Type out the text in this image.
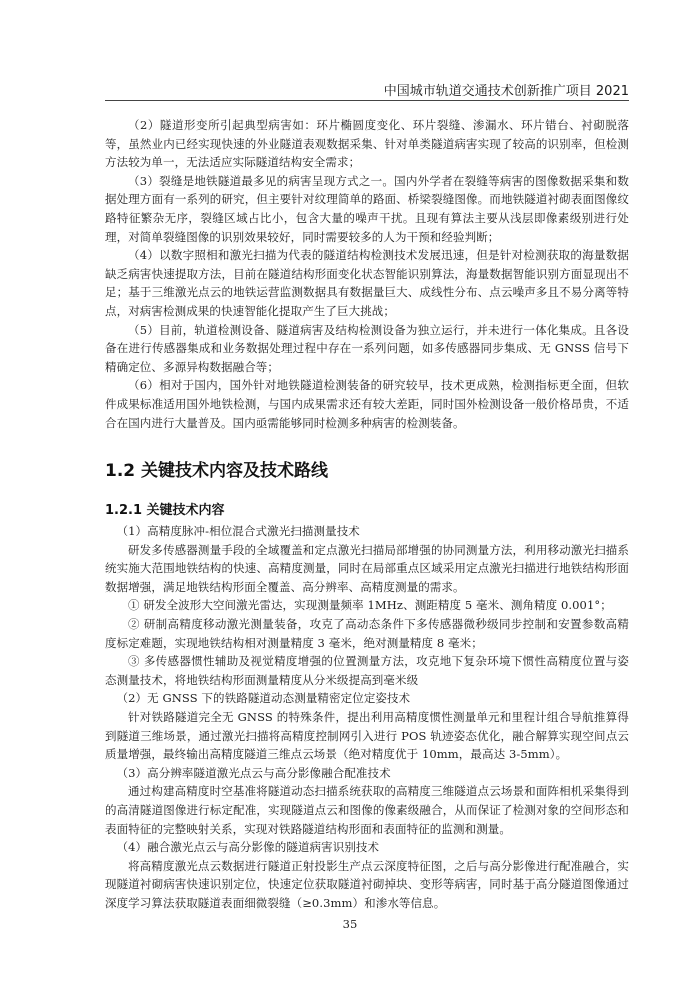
中国城市轨道交通技术创新推广项目 2021

（2）隧道形变所引起典型病害如：环片椭圆度变化、环片裂缝、渗漏水、环片错台、衬砌脱落等，虽然业内已经实现快速的外业隧道表观数据采集、针对单类隧道病害实现了较高的识别率，但检测方法较为单一，无法适应实际隧道结构安全需求；

（3）裂缝是地铁隧道最多见的病害呈现方式之一。国内外学者在裂缝等病害的图像数据采集和数据处理方面有一系列的研究，但主要针对纹理简单的路面、桥梁裂缝图像。而地铁隧道衬砌表面图像纹路特征繁杂无序，裂缝区域占比小，包含大量的噪声干扰。且现有算法主要从浅层即像素级别进行处理，对简单裂缝图像的识别效果较好，同时需要较多的人为干预和经验判断；

（4）以数字照相和激光扫描为代表的隧道结构检测技术发展迅速，但是针对检测获取的海量数据缺乏病害快速提取方法，目前在隧道结构形面变化状态智能识别算法，海量数据智能识别方面显现出不足；基于三维激光点云的地铁运营监测数据具有数据量巨大、成线性分布、点云噪声多且不易分离等特点，对病害检测成果的快速智能化提取产生了巨大挑战；

（5）目前，轨道检测设备、隧道病害及结构检测设备为独立运行，并未进行一体化集成。且各设备在进行传感器集成和业务数据处理过程中存在一系列问题，如多传感器同步集成、无 GNSS 信号下精确定位、多源异构数据融合等；

（6）相对于国内，国外针对地铁隧道检测装备的研究较早，技术更成熟，检测指标更全面，但软件成果标准适用国外地铁检测，与国内成果需求还有较大差距，同时国外检测设备一般价格昂贵，不适合在国内进行大量普及。国内亟需能够同时检测多种病害的检测装备。

1.2 关键技术内容及技术路线
1.2.1 关键技术内容

（1）高精度脉冲-相位混合式激光扫描测量技术

研发多传感器测量手段的全域覆盖和定点激光扫描局部增强的协同测量方法，利用移动激光扫描系统实施大范围地铁结构的快速、高精度测量，同时在局部重点区域采用定点激光扫描进行地铁结构形面数据增强，满足地铁结构形面全覆盖、高分辨率、高精度测量的需求。

① 研发全波形大空间激光雷达，实现测量频率 1MHz、测距精度 5 毫米、测角精度 0.001°；

② 研制高精度移动激光测量装备，攻克了高动态条件下多传感器微秒级同步控制和安置参数高精度标定难题，实现地铁结构相对测量精度 3 毫米，绝对测量精度 8 毫米；

③ 多传感器惯性辅助及视觉精度增强的位置测量方法，攻克地下复杂环境下惯性高精度位置与姿态测量技术，将地铁结构形面测量精度从分米级提高到毫米级

（2）无 GNSS 下的铁路隧道动态测量精密定位定姿技术

针对铁路隧道完全无 GNSS 的特殊条件，提出利用高精度惯性测量单元和里程计组合导航推算得到隧道三维场景，通过激光扫描将高精度控制网引入进行 POS 轨迹姿态优化，融合解算实现空间点云质量增强，最终输出高精度隧道三维点云场景（绝对精度优于 10mm，最高达 3-5mm）。

（3）高分辨率隧道激光点云与高分影像融合配准技术

通过构建高精度时空基准将隧道动态扫描系统获取的高精度三维隧道点云场景和面阵相机采集得到的高清隧道图像进行标定配准，实现隧道点云和图像的像素级融合，从而保证了检测对象的空间形态和表面特征的完整映射关系，实现对铁路隧道结构形面和表面特征的监测和测量。

（4）融合激光点云与高分影像的隧道病害识别技术

将高精度激光点云数据进行隧道正射投影生产点云深度特征图，之后与高分影像进行配准融合，实现隧道衬砌病害快速识别定位，快速定位获取隧道衬砌掉块、变形等病害，同时基于高分隧道图像通过深度学习算法获取隧道表面细微裂缝（≥0.3mm）和渗水等信息。

35
